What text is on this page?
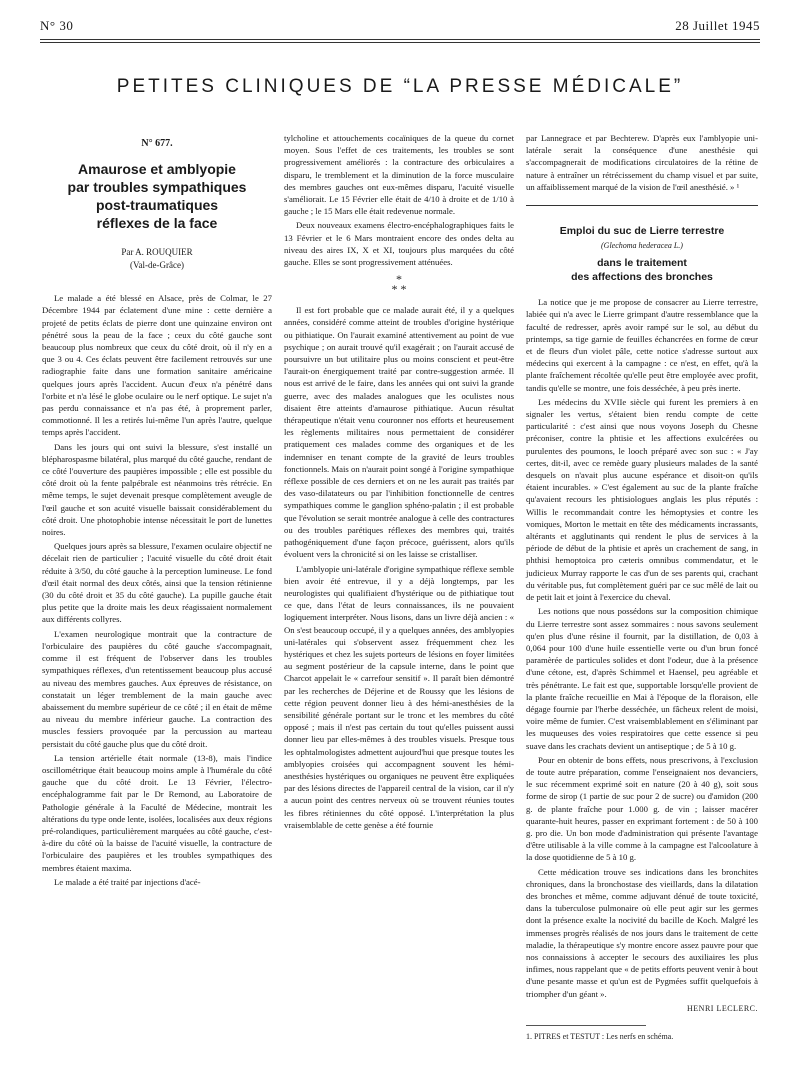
N° 30	28 Juillet 1945
PETITES CLINIQUES DE “LA PRESSE MÉDICALE”
N° 677.
Amaurose et amblyopie
par troubles sympathiques
post-traumatiques
réflexes de la face
Par A. ROUQUIER
(Val-de-Grâce)

Le malade a été blessé en Alsace, près de Colmar, le 27 Décembre 1944 par éclatement d'une mine : cette dernière a projeté de petits éclats de pierre dont une quinzaine environ ont pénétré sous la peau de la face ; ceux du côté gauche sont beaucoup plus nombreux que ceux du côté droit, où il n'y en a que 3 ou 4. Ces éclats peuvent être facilement retrouvés sur une radiographie faite dans une formation sanitaire américaine quelques jours après l'accident. Aucun d'eux n'a pénétré dans l'orbite et n'a lésé le globe oculaire ou le nerf optique. Le sujet n'a pas perdu connaissance et n'a pas été, à proprement parler, commotionné. Il les a retirés lui-même l'un après l'autre, quelque temps après l'accident.

Dans les jours qui ont suivi la blessure, s'est installé un blépharospasme bilatéral, plus marqué du côté gauche, rendant de ce côté l'ouverture des paupières impossible ; elle est possible du côté droit où la fente palpébrale est néanmoins très rétrécie. En même temps, le sujet devenait presque complètement aveugle de l'œil gauche et son acuité visuelle baissait considérablement du côté droit. Une photophobie intense nécessitait le port de lunettes noires.

Quelques jours après sa blessure, l'examen oculaire objectif ne décelait rien de particulier ; l'acuité visuelle du côté droit était réduite à 3/50, du côté gauche à la perception lumineuse. Le fond d'œil était normal des deux côtés, ainsi que la tension rétinienne (30 du côté droit et 35 du côté gauche). La pupille gauche était plus petite que la droite mais les deux réagissaient normalement aux différents collyres.

L'examen neurologique montrait que la contracture de l'orbiculaire des paupières du côté gauche s'accompagnait, comme il est fréquent de l'observer dans les troubles sympathiques réflexes, d'un retentissement beaucoup plus accusé au niveau des membres gauches. Aux épreuves de résistance, on constatait un léger tremblement de la main gauche avec abaissement du membre supérieur de ce côté ; il en était de même au niveau du membre inférieur gauche. La contraction des muscles fessiers provoquée par la percussion au marteau persistait du côté gauche plus que du côté droit.

La tension artérielle était normale (13-8), mais l'indice oscillométrique était beaucoup moins ample à l'humérale du côté gauche que du côté droit. Le 13 Février, l'électro-encéphalogramme fait par le Dr Remond, au Laboratoire de Pathologie générale à la Faculté de Médecine, montrait les altérations du type onde lente, isolées, localisées aux deux régions pré-rolandiques, particulièrement marquées au côté gauche, c'est-à-dire du côté où la baisse de l'acuité visuelle, la contracture de l'orbiculaire des paupières et les troubles sympathiques des membres étaient maxima.

Le malade a été traité par injections d'acé-

tylcholine et attouchements cocaïniques de la queue du cornet moyen. Sous l'effet de ces traitements, les troubles se sont progressivement améliorés : la contracture des orbiculaires a disparu, le tremblement et la diminution de la force musculaire des membres gauches ont eux-mêmes disparu, l'acuité visuelle s'améliorait. Le 15 Février elle était de 4/10 à droite et de 1/10 à gauche ; le 15 Mars elle était redevenue normale.

Deux nouveaux examens électro-encéphalographiques faits le 13 Février et le 6 Mars montraient encore des ondes delta au niveau des aires IX, X et XI, toujours plus marquées du côté gauche. Elles se sont progressivement atténuées.

*
* *

Il est fort probable que ce malade aurait été, il y a quelques années, considéré comme atteint de troubles d'origine hystérique ou pithiatique. On l'aurait examiné attentivement au point de vue psychique ; on aurait trouvé qu'il exagérait ; on l'aurait accusé de poursuivre un but utilitaire plus ou moins conscient et peut-être l'aurait-on énergiquement traité par contre-suggestion armée. Il nous est arrivé de le faire, dans les années qui ont suivi la grande guerre, avec des malades analogues que les oculistes nous disaient être atteints d'amaurose pithiatique. Aucun résultat thérapeutique n'était venu couronner nos efforts et heureusement les règlements militaires nous permettaient de considérer pratiquement ces malades comme des organiques et de les indemniser en tenant compte de la gravité de leurs troubles fonctionnels. Mais on n'aurait point songé à l'origine sympathique réflexe possible de ces derniers et on ne les aurait pas traités par des vaso-dilatateurs ou par l'inhibition fonctionnelle de centres sympathiques comme le ganglion sphéno-palatin ; il est probable que l'évolution se serait montrée analogue à celle des contractures ou des troubles parétiques réflexes des membres qui, traités pathogéniquement d'une façon précoce, guérissent, alors qu'ils évoluent vers la chronicité si on les laisse se cristalliser.

L'amblyopie uni-latérale d'origine sympathique réflexe semble bien avoir été entrevue, il y a déjà longtemps, par les neurologistes qui qualifiaient d'hystérique ou de pithiatique tout ce que, dans l'état de leurs connaissances, ils ne pouvaient logiquement interpréter. Nous lisons, dans un livre déjà ancien : « On s'est beaucoup occupé, il y a quelques années, des amblyopies uni-latérales qui s'observent assez fréquemment chez les hystériques et chez les sujets porteurs de lésions en foyer limitées au segment postérieur de la capsule interne, dans le point que Charcot appelait le « carrefour sensitif ». Il paraît bien démontré par les recherches de Déjerine et de Roussy que les lésions de cette région peuvent donner lieu à des hémi-anesthésies de la sensibilité générale portant sur le tronc et les membres du côté opposé ; mais il n'est pas certain du tout qu'elles puissent aussi donner lieu par elles-mêmes à des troubles visuels. Presque tous les ophtalmologistes admettent aujourd'hui que presque toutes les amblyopies croisées qui accompagnent souvent les hémi-anesthésies hystériques ou organiques ne peuvent être expliquées par des lésions directes de l'appareil central de la vision, car il n'y a aucun point des centres nerveux où se trouvent réunies toutes les fibres rétiniennes du côté opposé. L'interprétation la plus vraisemblable de cette genèse a été fournie

par Lannegrace et par Bechterew. D'après eux l'amblyopie uni-latérale serait la conséquence d'une anesthésie qui s'accompagnerait de modifications circulatoires de la rétine de nature à entraîner un rétrécissement du champ visuel et par suite, un affaiblissement marqué de la vision de l'œil anesthésié. » ¹

Emploi du suc de Lierre terrestre
(Glechoma hederacea L.)
dans le traitement
des affections des bronches

La notice que je me propose de consacrer au Lierre terrestre, labiée qui n'a avec le Lierre grimpant d'autre ressemblance que la faculté de redresser, après avoir rampé sur le sol, au début du printemps, sa tige garnie de feuilles échancrées en forme de cœur et de fleurs d'un violet pâle, cette notice s'adresse surtout aux médecins qui exercent à la campagne : ce n'est, en effet, qu'à la plante fraîchement récoltée qu'elle peut être employée avec profit, tandis qu'elle se montre, une fois desséchée, à peu près inerte.

Les médecins du XVIIe siècle qui furent les premiers à en signaler les vertus, s'étaient bien rendu compte de cette particularité : c'est ainsi que nous voyons Joseph du Chesne préconiser, contre la phtisie et les affections exulcérées ou purulentes des poumons, le looch préparé avec son suc : « J'ay certes, dit-il, avec ce remède guary plusieurs malades de la santé desquels on n'avait plus aucune espérance et disoit-on qu'ils étaient incurables. » C'est également au suc de la plante fraîche qu'avaient recours les phtisiologues anglais les plus réputés : Willis le recommandait contre les hémoptysies et contre les vomiques, Morton le mettait en tête des médicaments incrassants, altérants et agglutinants qui rendent le plus de services à la période de début de la phtisie et après un crachement de sang, in phthisi hemoptoica pro cæteris omnibus commendatur, et le judicieux Murray rapporte le cas d'un de ses parents qui, crachant du véritable pus, fut complètement guéri par ce suc mêlé de lait ou de petit lait et joint à l'exercice du cheval.

Les notions que nous possédons sur la composition chimique du Lierre terrestre sont assez sommaires : nous savons seulement qu'en plus d'une résine il fournit, par la distillation, de 0,03 à 0,064 pour 100 d'une huile essentielle verte ou d'un brun foncé paramèrée de particules solides et dont l'odeur, due à la présence d'une cétone, est, d'après Schimmel et Haensel, peu agréable et très pénétrante. Le fait est que, supportable lorsqu'elle provient de la plante fraîche recueillie en Mai à l'époque de la floraison, elle dégage fournie par l'herbe desséchée, un fâcheux relent de moisi, voire même de fumier. C'est vraisemblablement en s'éliminant par les muqueuses des voies respiratoires que cette essence si peu suave dans les crachats devient un antiseptique ; de 5 à 10 g.

Pour en obtenir de bons effets, nous prescrivons, à l'exclusion de toute autre préparation, comme l'enseignaient nos devanciers, le suc récemment exprimé soit en nature (20 à 40 g), soit sous forme de sirop (1 partie de suc pour 2 de sucre) ou d'amidon (200 g. de plante fraîche pour 1.000 g. de vin ; laisser macérer quarante-huit heures, passer en exprimant fortement : de 50 à 100 g. pro die. Un bon mode d'administration qui présente l'avantage d'être utilisable à la ville comme à la campagne est l'alcoolature à la dose quotidienne de 5 à 10 g.

Cette médication trouve ses indications dans les bronchites chroniques, dans la bronchostase des vieillards, dans la dilatation des bronches et même, comme adjuvant dénué de toute toxicité, dans la tuberculose pulmonaire où elle peut agir sur les germes dont la présence exalte la nocivité du bacille de Koch. Malgré les immenses progrès réalisés de nos jours dans le traitement de cette maladie, la thérapeutique s'y montre encore assez pauvre pour que nos connaissions à accepter le secours des auxiliaires les plus infimes, nous rappelant que « de petits efforts peuvent venir à bout d'une pesante masse et qu'un est de Pygmées suffit quelquefois à triompher d'un géant ».

HENRI LECLERC.
1. PITRES et TESTUT : Les nerfs en schéma.
